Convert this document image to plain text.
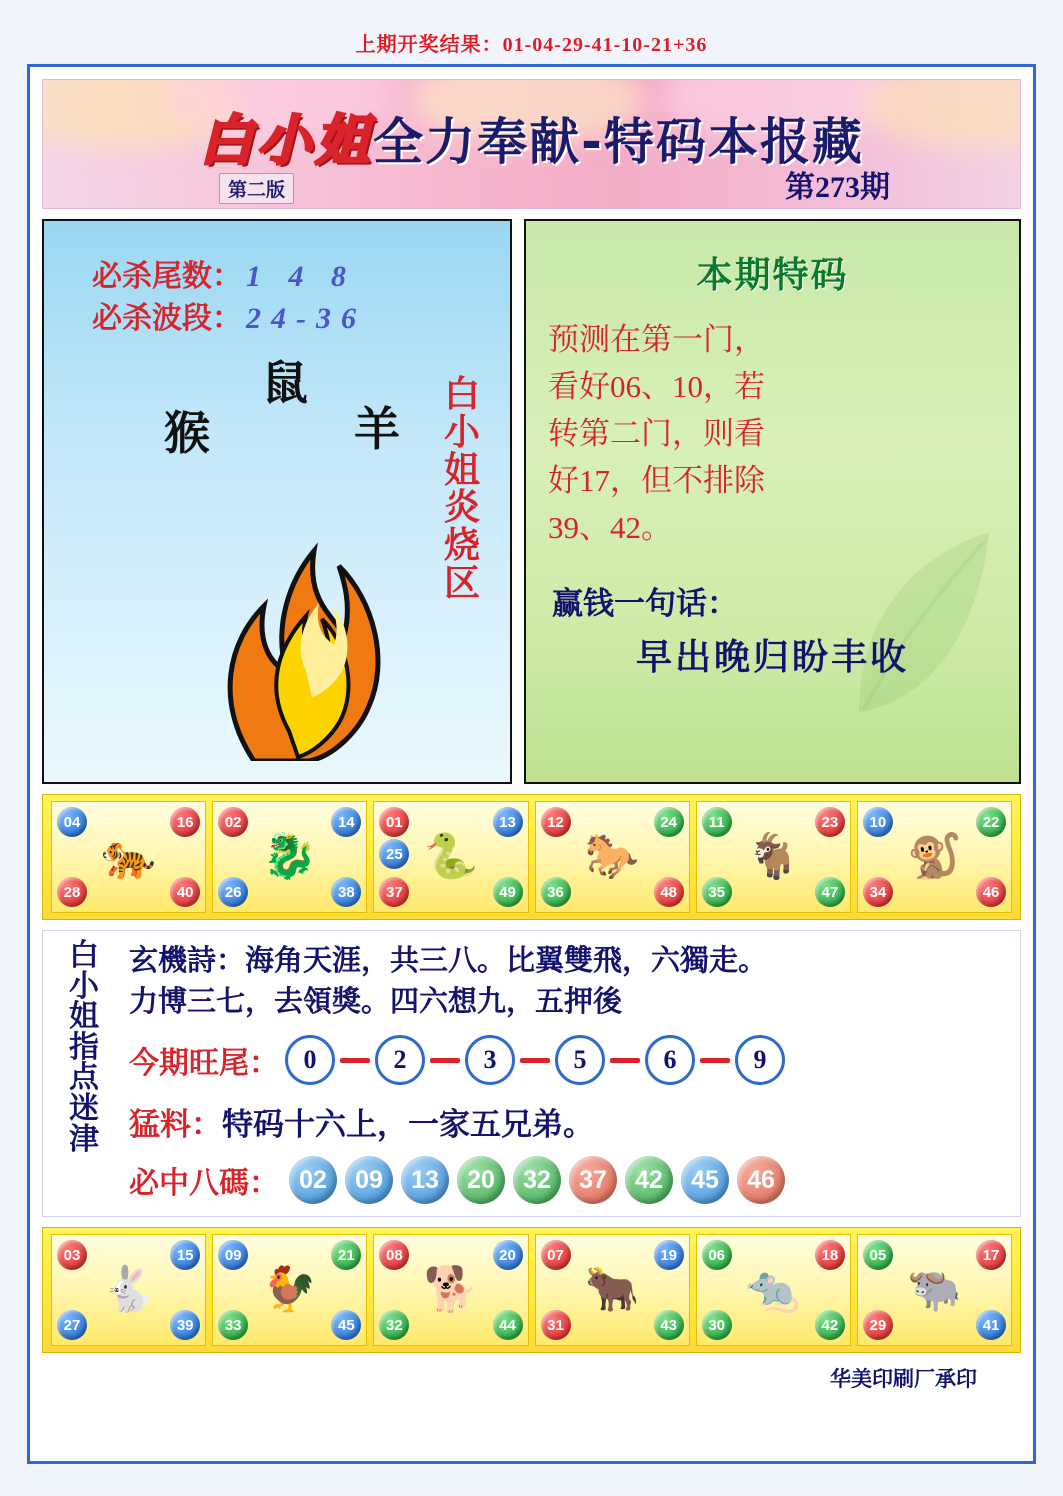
上期开奖结果：01-04-29-41-10-21+36
白小姐全力奉献-特码本报藏
第二版	第273期
必杀尾数： 1 4 8
必杀波段： 24-36
鼠
猴	羊
白小姐炎烧区
本期特码
预测在第一门，
看好06、10，若
转第二门，则看
好17，但不排除
39、42。
赢钱一句话：
早出晚归盼丰收
04	16
28	40
🐅
02	14
26	38
🐉
01	13
25
37	49
🐍
12	24
36	48
🐎
11	23
35	47
🐐
10	22
34	46
🐒
白小姐指点迷津
玄機詩：海角天涯，共三八。比翼雙飛，六獨走。
力博三七，去領獎。四六想九，五押後
今期旺尾： 0	2	3	5	6	9
猛料：特码十六上，一家五兄弟。
必中八碼： 02	09	13	20	32	37	42	45	46
03	15
27	39
🐇
09	21
33	45
🐓
08	20
32	44
🐕
07	19
31	43
🐂
06	18
30	42
🐀
05	17
29	41
🐃
华美印刷厂承印
